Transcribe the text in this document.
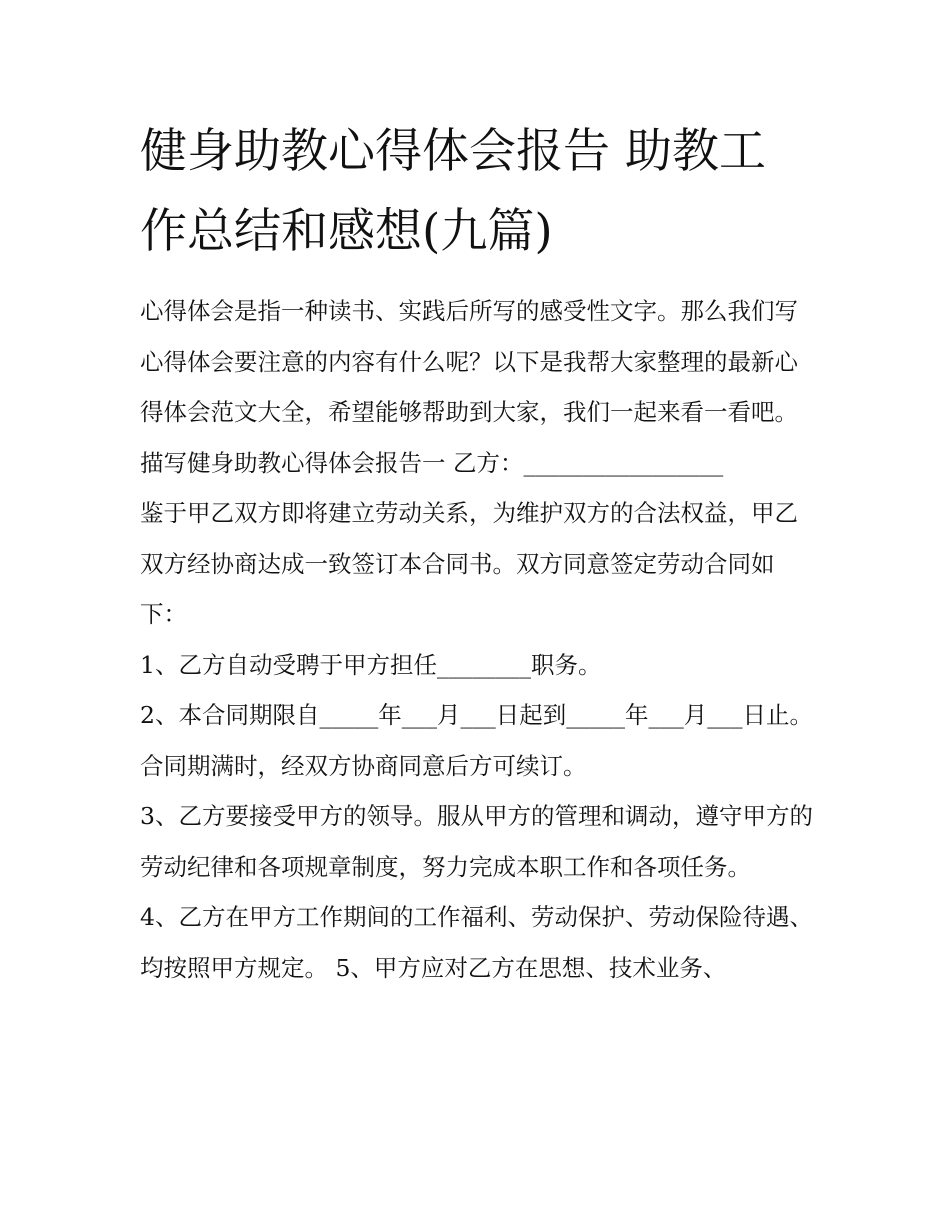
健身助教心得体会报告 助教工
作总结和感想(九篇)

心得体会是指一种读书、实践后所写的感受性文字。那么我们写心得体会要注意的内容有什么呢？以下是我帮大家整理的最新心得体会范文大全，希望能够帮助到大家，我们一起来看一看吧。

描写健身助教心得体会报告一 乙方：_________________

鉴于甲乙双方即将建立劳动关系，为维护双方的合法权益，甲乙双方经协商达成一致签订本合同书。双方同意签定劳动合同如下：

1、乙方自动受聘于甲方担任________职务。

2、本合同期限自_____年___月___日起到_____年___月___日止。合同期满时，经双方协商同意后方可续订。

3、乙方要接受甲方的领导。服从甲方的管理和调动，遵守甲方的劳动纪律和各项规章制度，努力完成本职工作和各项任务。

4、乙方在甲方工作期间的工作福利、劳动保护、劳动保险待遇、均按照甲方规定。 5、甲方应对乙方在思想、技术业务、
